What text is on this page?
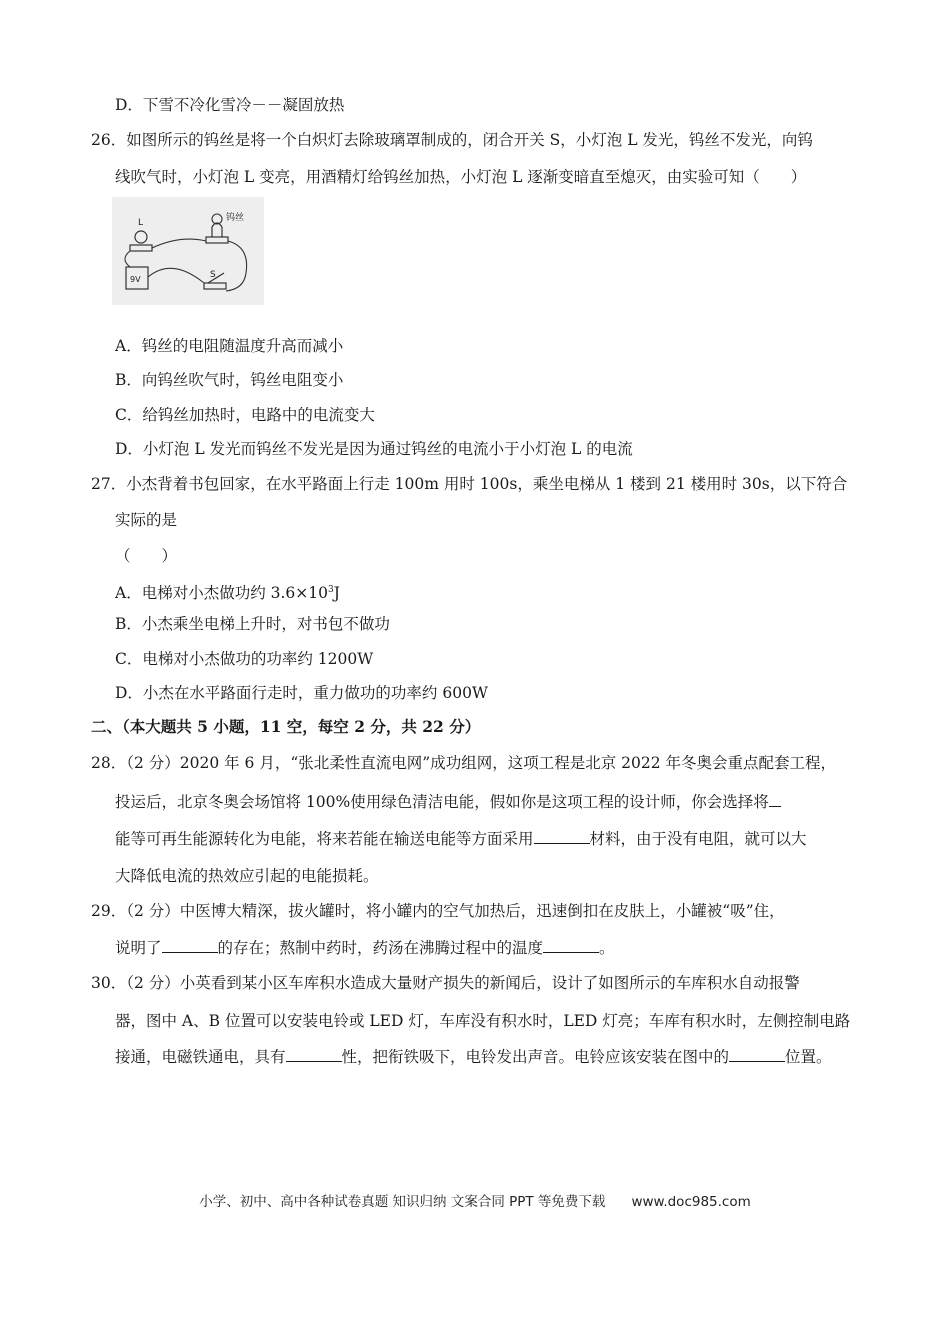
D．下雪不冷化雪冷－－凝固放热
26．如图所示的钨丝是将一个白炽灯去除玻璃罩制成的，闭合开关 S，小灯泡 L 发光，钨丝不发光，向钨
线吹气时，小灯泡 L 变亮，用酒精灯给钨丝加热，小灯泡 L 逐渐变暗直至熄灭，由实验可知（　　）
L	钨丝
9V	S
A．钨丝的电阻随温度升高而减小
B．向钨丝吹气时，钨丝电阻变小
C．给钨丝加热时，电路中的电流变大
D．小灯泡 L 发光而钨丝不发光是因为通过钨丝的电流小于小灯泡 L 的电流
27．小杰背着书包回家，在水平路面上行走 100m 用时 100s，乘坐电梯从 1 楼到 21 楼用时 30s，以下符合
实际的是
（　　）
A．电梯对小杰做功约 $3.6\times 10^3J$
B．小杰乘坐电梯上升时，对书包不做功
C．电梯对小杰做功的功率约 1200W
D．小杰在水平路面行走时，重力做功的功率约 600W
二、（本大题共 5 小题，11 空，每空 2 分，共 22 分）
28．（2 分）2020 年 6 月，“张北柔性直流电网”成功组网，这项工程是北京 2022 年冬奥会重点配套工程，
投运后，北京冬奥会场馆将 100%使用绿色清洁电能，假如你是这项工程的设计师，你会选择将
能等可再生能源转化为电能，将来若能在输送电能等方面采用	材料，由于没有电阻，就可以大
大降低电流的热效应引起的电能损耗。
29．（2 分）中医博大精深，拔火罐时，将小罐内的空气加热后，迅速倒扣在皮肤上，小罐被“吸”住，
说明了	的存在；熬制中药时，药汤在沸腾过程中的温度	。
30．（2 分）小英看到某小区车库积水造成大量财产损失的新闻后，设计了如图所示的车库积水自动报警
器，图中 A、B 位置可以安装电铃或 LED 灯，车库没有积水时，LED 灯亮；车库有积水时，左侧控制电路
接通，电磁铁通电，具有	性，把衔铁吸下，电铃发出声音。电铃应该安装在图中的	位置。
小学、初中、高中各种试卷真题 知识归纳 文案合同 PPT 等免费下载 www.doc985.com
